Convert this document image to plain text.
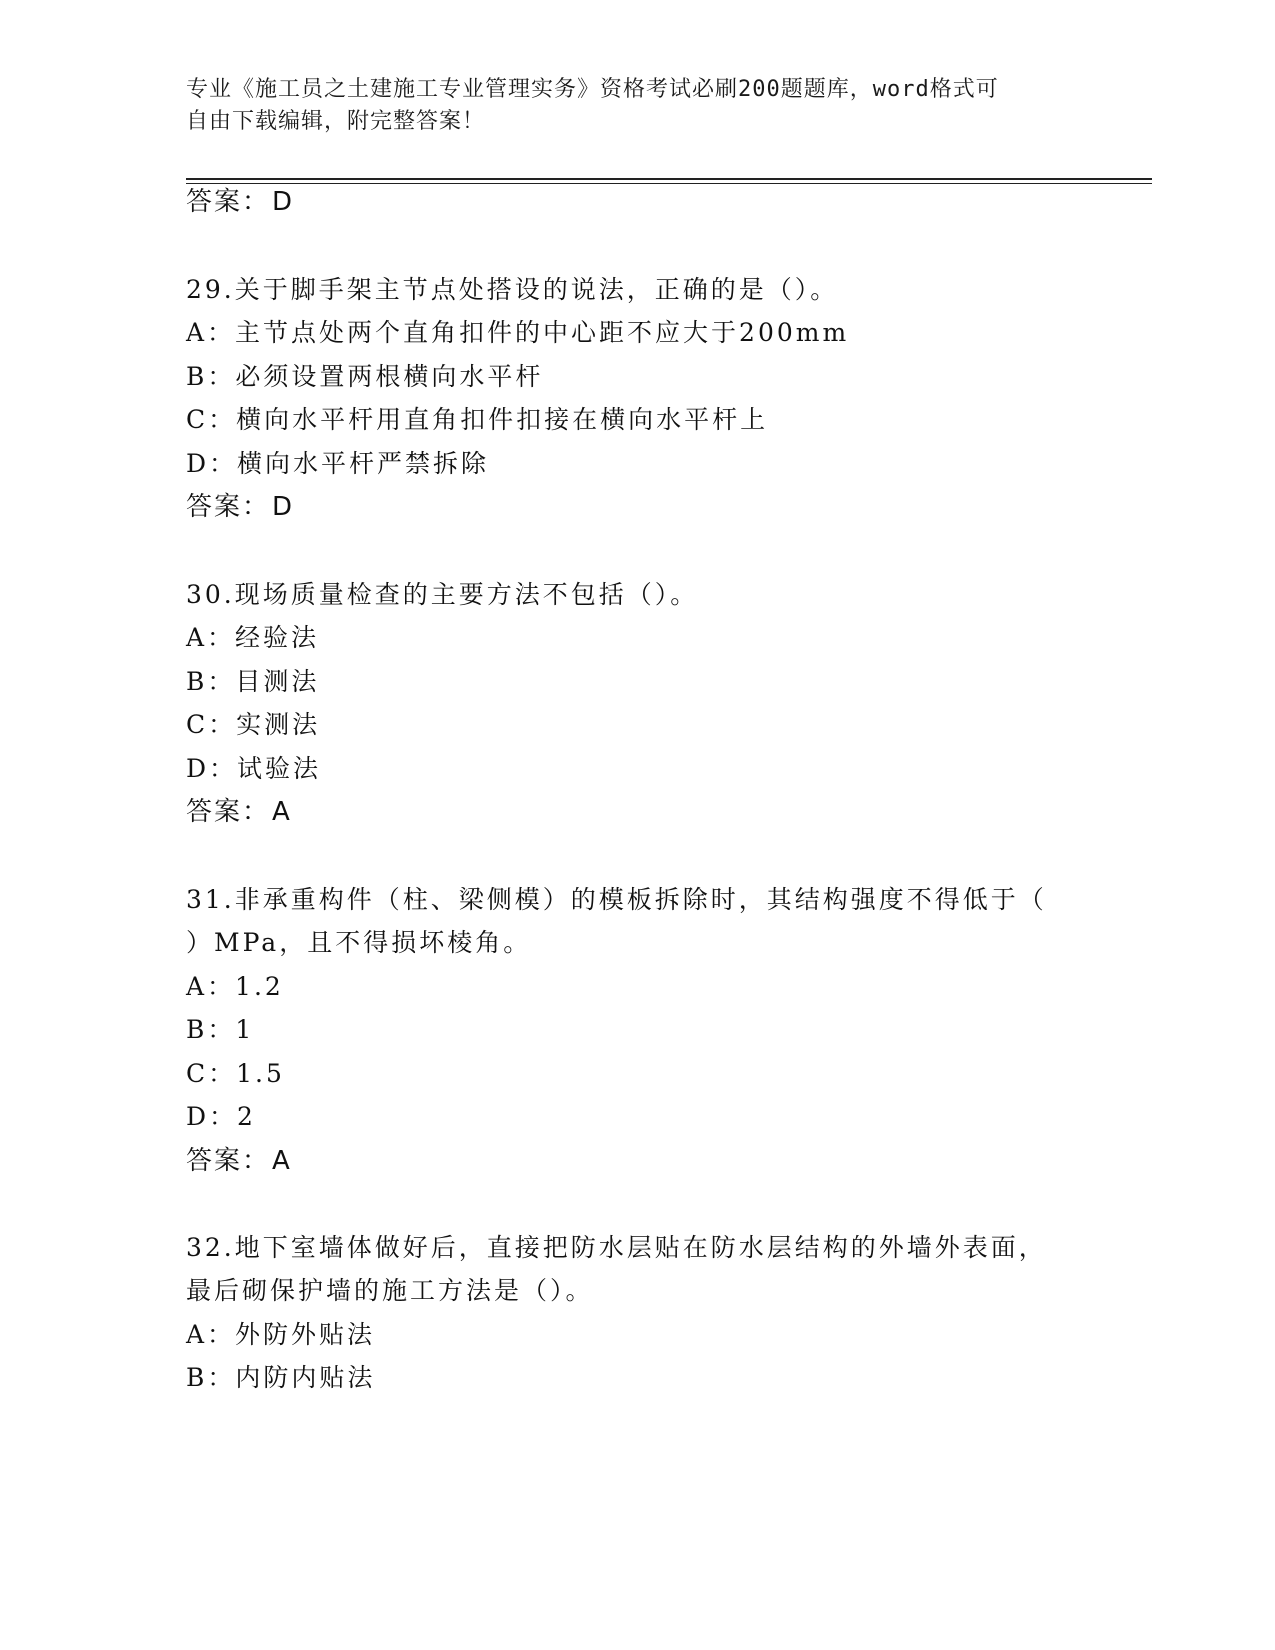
专业《施工员之土建施工专业管理实务》资格考试必刷200题题库，word格式可
自由下载编辑，附完整答案！
答案：D
29.关于脚手架主节点处搭设的说法，正确的是（）。
A：主节点处两个直角扣件的中心距不应大于200mm
B：必须设置两根横向水平杆
C：横向水平杆用直角扣件扣接在横向水平杆上
D：横向水平杆严禁拆除
答案：D
30.现场质量检查的主要方法不包括（）。
A：经验法
B：目测法
C：实测法
D：试验法
答案：A
31.非承重构件（柱、梁侧模）的模板拆除时，其结构强度不得低于（
）MPa，且不得损坏棱角。
A：1.2
B：1
C：1.5
D：2
答案：A
32.地下室墙体做好后，直接把防水层贴在防水层结构的外墙外表面，
最后砌保护墙的施工方法是（）。
A：外防外贴法
B：内防内贴法
